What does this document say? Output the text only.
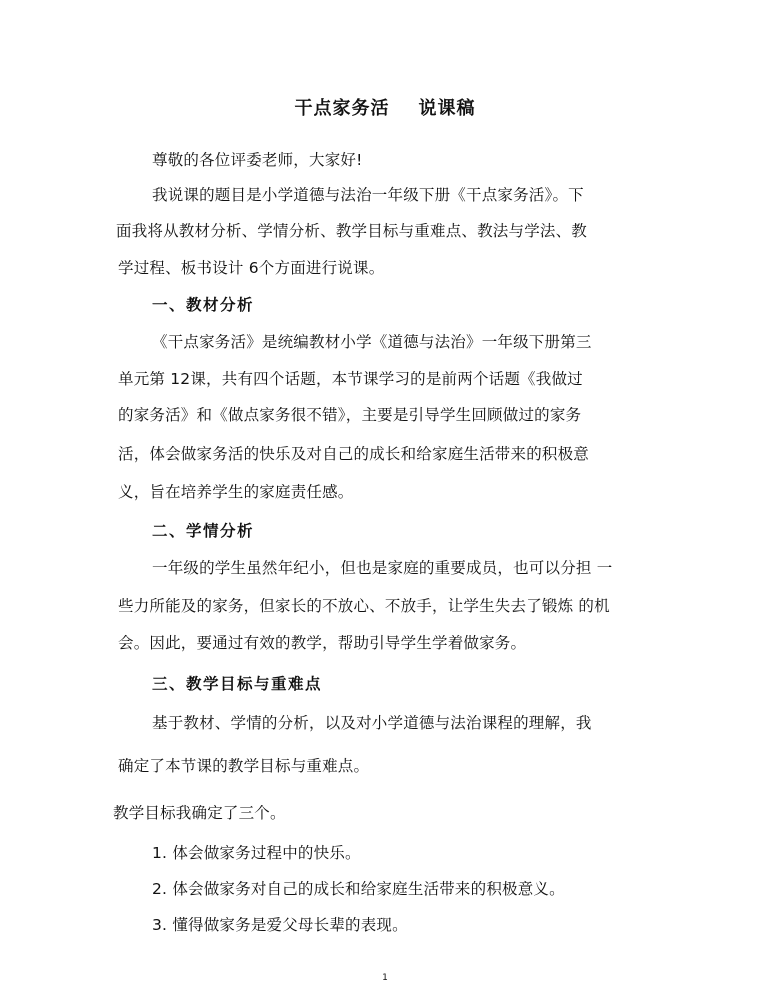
干点家务活    说课稿
尊敬的各位评委老师，大家好!
我说课的题目是小学道德与法治一年级下册《干点家务活》。下
面我将从教材分析、学情分析、教学目标与重难点、教法与学法、教
学过程、板书设计 6个方面进行说课。
一、教材分析
《干点家务活》是统编教材小学《道德与法治》一年级下册第三
单元第 12课，共有四个话题，本节课学习的是前两个话题《我做过
的家务活》和《做点家务很不错》，主要是引导学生回顾做过的家务
活，体会做家务活的快乐及对自己的成长和给家庭生活带来的积极意
义，旨在培养学生的家庭责任感。
二、学情分析
一年级的学生虽然年纪小，但也是家庭的重要成员，也可以分担 一
些力所能及的家务，但家长的不放心、不放手，让学生失去了锻炼 的机
会。因此，要通过有效的教学，帮助引导学生学着做家务。
三、教学目标与重难点
基于教材、学情的分析，以及对小学道德与法治课程的理解，我
确定了本节课的教学目标与重难点。
教学目标我确定了三个。
1. 体会做家务过程中的快乐。
2. 体会做家务对自己的成长和给家庭生活带来的积极意义。
3. 懂得做家务是爱父母长辈的表现。
1
